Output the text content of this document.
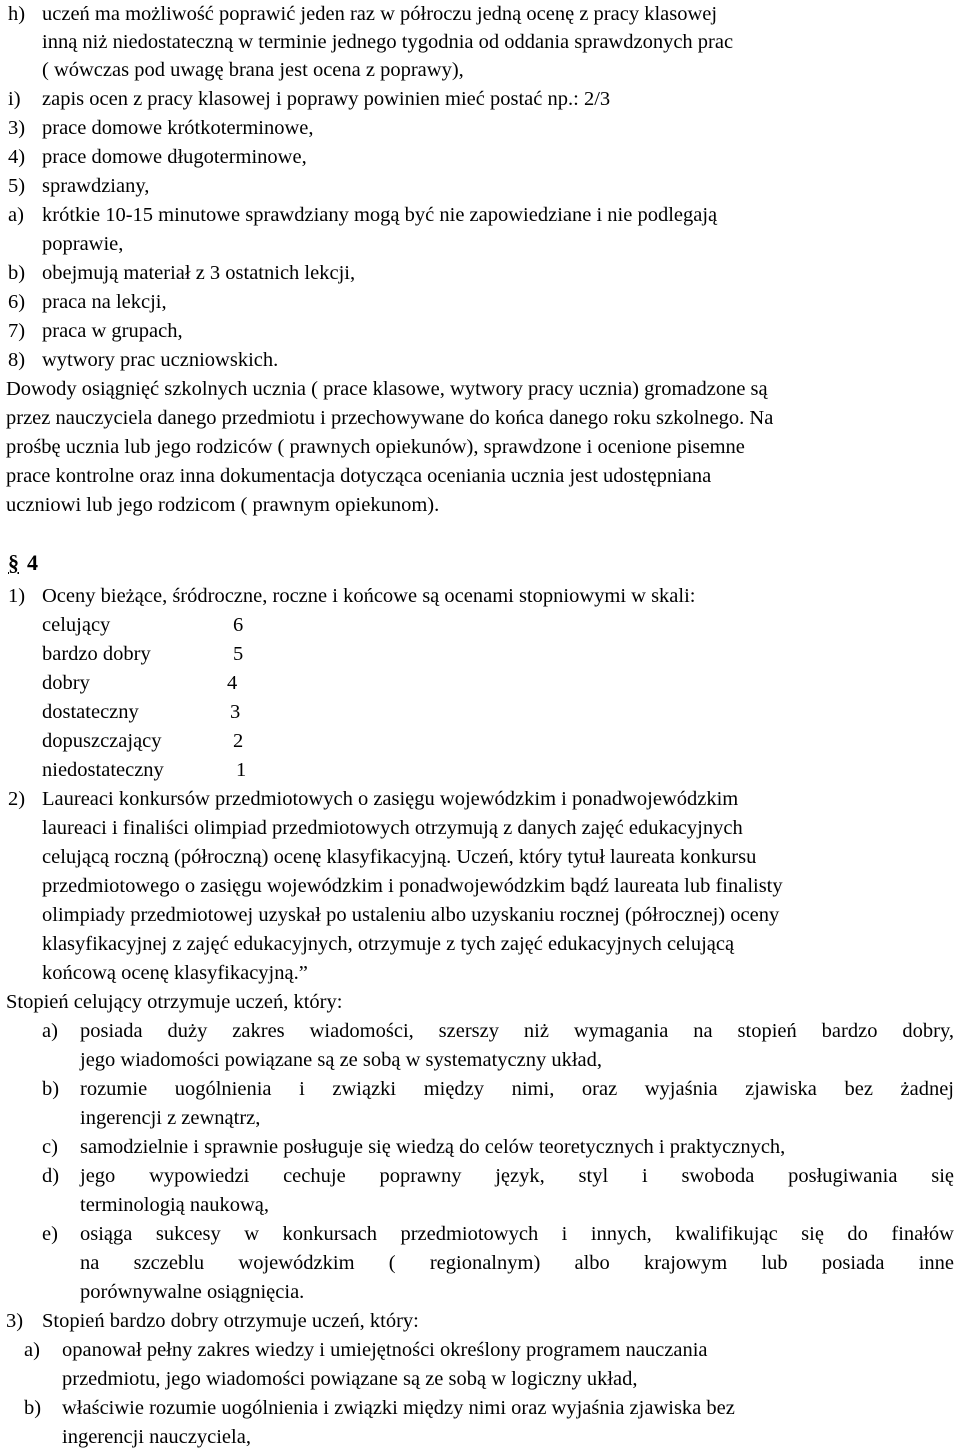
h) uczeń ma możliwość poprawić jeden raz w półroczu jedną ocenę z pracy klasowej
inną niż niedostateczną w terminie jednego tygodnia od oddania sprawdzonych prac
( wówczas pod uwagę brana jest ocena z poprawy),
i) zapis ocen z pracy klasowej i poprawy powinien mieć postać np.: 2/3
3) prace domowe krótkoterminowe,
4) prace domowe długoterminowe,
5) sprawdziany,
a) krótkie 10-15 minutowe sprawdziany mogą być nie zapowiedziane i nie podlegają
poprawie,
b) obejmują materiał z 3 ostatnich lekcji,
6) praca na lekcji,
7) praca w grupach,
8) wytwory prac uczniowskich.
Dowody osiągnięć szkolnych ucznia ( prace klasowe, wytwory pracy ucznia) gromadzone są
przez nauczyciela danego przedmiotu i przechowywane do końca danego roku szkolnego. Na
prośbę ucznia lub jego rodziców ( prawnych opiekunów), sprawdzone i ocenione pisemne
prace kontrolne oraz inna dokumentacja dotycząca oceniania ucznia jest udostępniana
uczniowi lub jego rodzicom ( prawnym opiekunom).
§ 4
1) Oceny bieżące, śródroczne, roczne i końcowe są ocenami stopniowymi w skali:
celujący	6
bardzo dobry	5
dobry	4
dostateczny	3
dopuszczający	2
niedostateczny	1
2) Laureaci konkursów przedmiotowych o zasięgu wojewódzkim i ponadwojewódzkim
laureaci i finaliści olimpiad przedmiotowych otrzymują z danych zajęć edukacyjnych
celującą roczną (półroczną) ocenę klasyfikacyjną. Uczeń, który tytuł laureata konkursu
przedmiotowego o zasięgu wojewódzkim i ponadwojewódzkim bądź laureata lub finalisty
olimpiady przedmiotowej uzyskał po ustaleniu albo uzyskaniu rocznej (półrocznej) oceny
klasyfikacyjnej z zajęć edukacyjnych, otrzymuje z tych zajęć edukacyjnych celującą
końcową ocenę klasyfikacyjną.”
Stopień celujący otrzymuje uczeń, który:
a) posiada duży zakres wiadomości, szerszy niż wymagania na stopień bardzo dobry,
jego wiadomości powiązane są ze sobą w systematyczny układ,
b) rozumie uogólnienia i związki między nimi, oraz wyjaśnia zjawiska bez żadnej
ingerencji z zewnątrz,
c) samodzielnie i sprawnie posługuje się wiedzą do celów teoretycznych i praktycznych,
d) jego wypowiedzi cechuje poprawny język, styl i swoboda posługiwania się
terminologią naukową,
e) osiąga sukcesy w konkursach przedmiotowych i innych, kwalifikując się do finałów
na szczeblu wojewódzkim ( regionalnym) albo krajowym lub posiada inne
porównywalne osiągnięcia.
3) Stopień bardzo dobry otrzymuje uczeń, który:
a) opanował pełny zakres wiedzy i umiejętności określony programem nauczania
przedmiotu, jego wiadomości powiązane są ze sobą w logiczny układ,
b) właściwie rozumie uogólnienia i związki między nimi oraz wyjaśnia zjawiska bez
ingerencji nauczyciela,
